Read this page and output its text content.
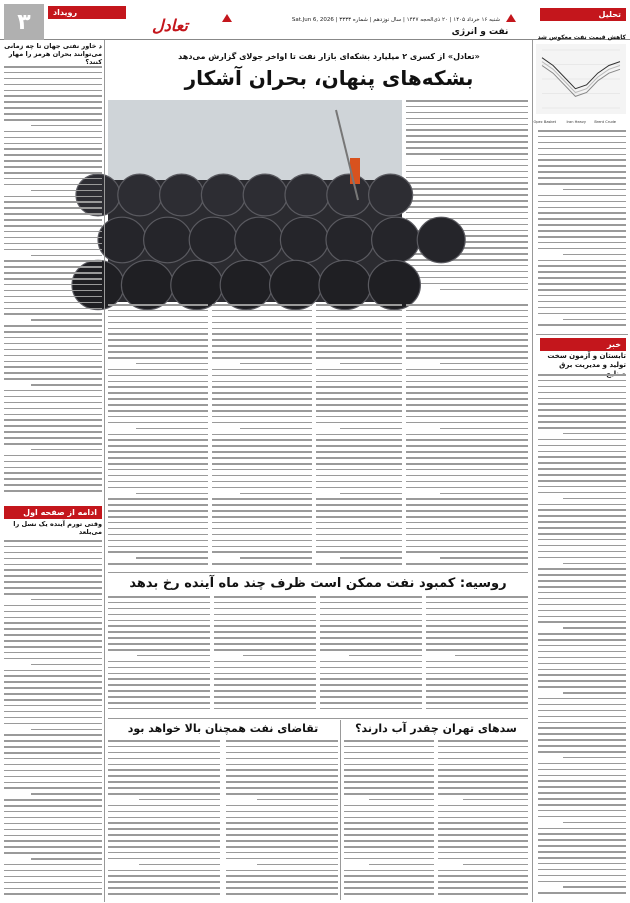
۳	رویداد
تعادل	شنبه ۱۶ خرداد ۱۴۰۵ | ۲۰ ذی‌الحجه ۱۴۴۷ | سال نوزدهم | شماره ۳۳۳۳ | Sat.Jun 6, 2026
نفت و انرژی
تحلیل
کاهش قیمت نفت معکوس شد
Brent Crude
Iran Heavy
Opec Basket
خبر
تابستان و آزمون سخت تولید و مدیریت برق
«تعادل» از کسری ۲ میلیارد بشکه‌ای بازار نفت تا اواخر جولای گزارش می‌دهد
بشکه‌های پنهان، بحران آشکار
روسیه: کمبود نفت ممکن است ظرف چند ماه آینده رخ بدهد
سدهای تهران چقدر آب دارند؟
تقاضای نفت همچنان بالا خواهد بود
د خاور نفتی جهان تا چه زمانی می‌توانند بحران هرمز را مهار کنند؟
ادامه از صفحه اول
وقتی تورم آینده یک نسل را می‌بلعد
